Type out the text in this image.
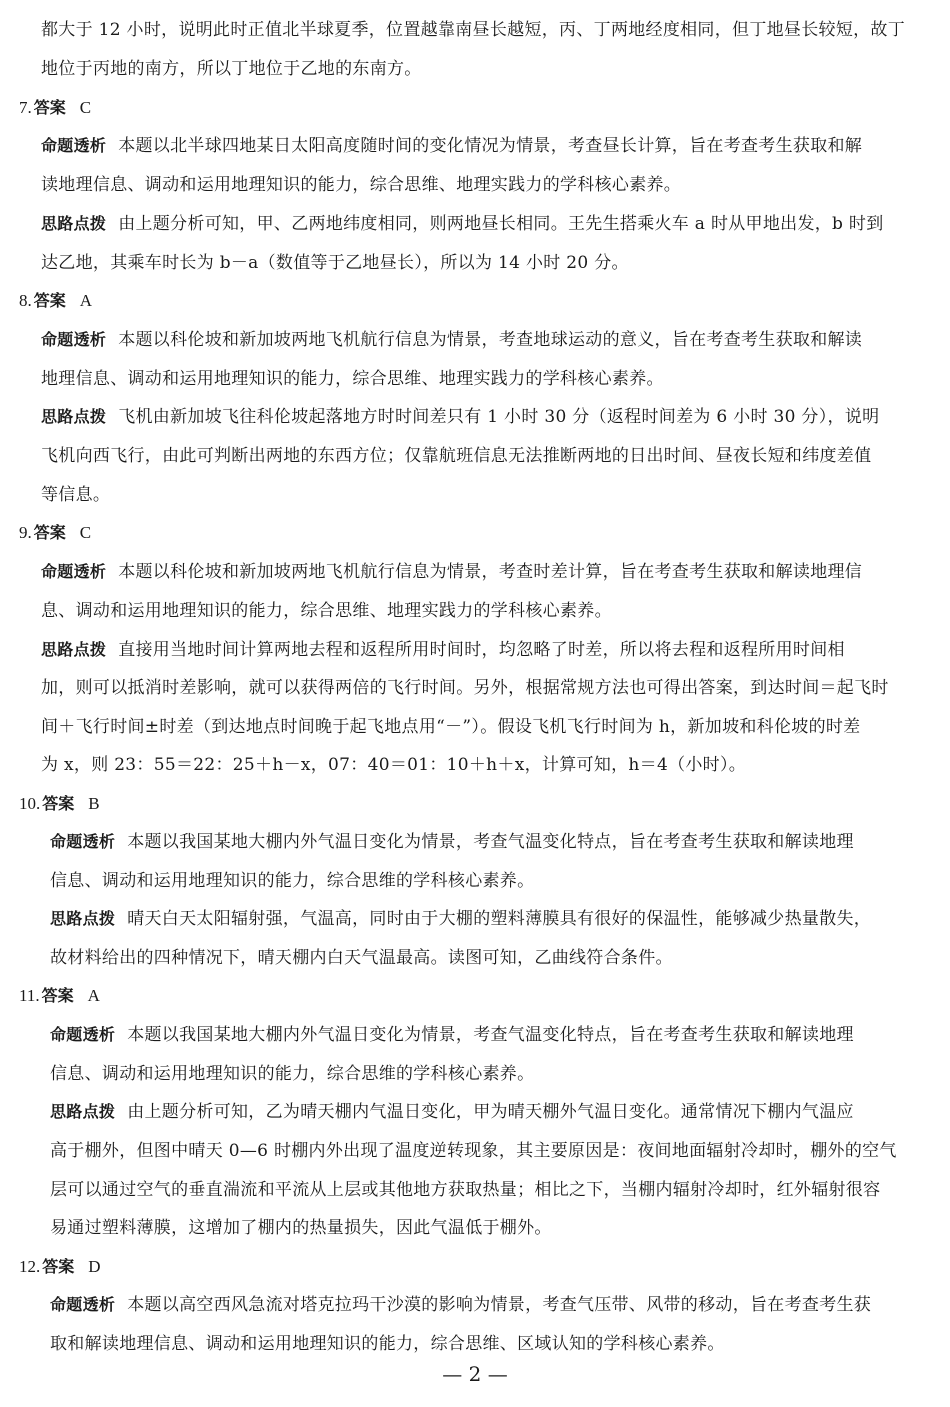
都大于 12 小时，说明此时正值北半球夏季，位置越靠南昼长越短，丙、丁两地经度相同，但丁地昼长较短，故丁
地位于丙地的南方，所以丁地位于乙地的东南方。
7. 答案 C
命题透析 本题以北半球四地某日太阳高度随时间的变化情况为情景，考查昼长计算，旨在考查考生获取和解
读地理信息、调动和运用地理知识的能力，综合思维、地理实践力的学科核心素养。
思路点拨 由上题分析可知，甲、乙两地纬度相同，则两地昼长相同。王先生搭乘火车 a 时从甲地出发，b 时到
达乙地，其乘车时长为 b－a（数值等于乙地昼长），所以为 14 小时 20 分。
8. 答案 A
命题透析 本题以科伦坡和新加坡两地飞机航行信息为情景，考查地球运动的意义，旨在考查考生获取和解读
地理信息、调动和运用地理知识的能力，综合思维、地理实践力的学科核心素养。
思路点拨 飞机由新加坡飞往科伦坡起落地方时时间差只有 1 小时 30 分（返程时间差为 6 小时 30 分），说明
飞机向西飞行，由此可判断出两地的东西方位；仅靠航班信息无法推断两地的日出时间、昼夜长短和纬度差值
等信息。
9. 答案 C
命题透析 本题以科伦坡和新加坡两地飞机航行信息为情景，考查时差计算，旨在考查考生获取和解读地理信
息、调动和运用地理知识的能力，综合思维、地理实践力的学科核心素养。
思路点拨 直接用当地时间计算两地去程和返程所用时间时，均忽略了时差，所以将去程和返程所用时间相
加，则可以抵消时差影响，就可以获得两倍的飞行时间。另外，根据常规方法也可得出答案，到达时间＝起飞时
间＋飞行时间±时差（到达地点时间晚于起飞地点用“－”）。假设飞机飞行时间为 h，新加坡和科伦坡的时差
为 x，则 23：55＝22：25＋h－x，07：40＝01：10＋h＋x，计算可知，h＝4（小时）。
10. 答案 B
命题透析 本题以我国某地大棚内外气温日变化为情景，考查气温变化特点，旨在考查考生获取和解读地理
信息、调动和运用地理知识的能力，综合思维的学科核心素养。
思路点拨 晴天白天太阳辐射强，气温高，同时由于大棚的塑料薄膜具有很好的保温性，能够减少热量散失，
故材料给出的四种情况下，晴天棚内白天气温最高。读图可知，乙曲线符合条件。
11. 答案 A
命题透析 本题以我国某地大棚内外气温日变化为情景，考查气温变化特点，旨在考查考生获取和解读地理
信息、调动和运用地理知识的能力，综合思维的学科核心素养。
思路点拨 由上题分析可知，乙为晴天棚内气温日变化，甲为晴天棚外气温日变化。通常情况下棚内气温应
高于棚外，但图中晴天 0—6 时棚内外出现了温度逆转现象，其主要原因是：夜间地面辐射冷却时，棚外的空气
层可以通过空气的垂直湍流和平流从上层或其他地方获取热量；相比之下，当棚内辐射冷却时，红外辐射很容
易通过塑料薄膜，这增加了棚内的热量损失，因此气温低于棚外。
12. 答案 D
命题透析 本题以高空西风急流对塔克拉玛干沙漠的影响为情景，考查气压带、风带的移动，旨在考查考生获
取和解读地理信息、调动和运用地理知识的能力，综合思维、区域认知的学科核心素养。
— 2 —
